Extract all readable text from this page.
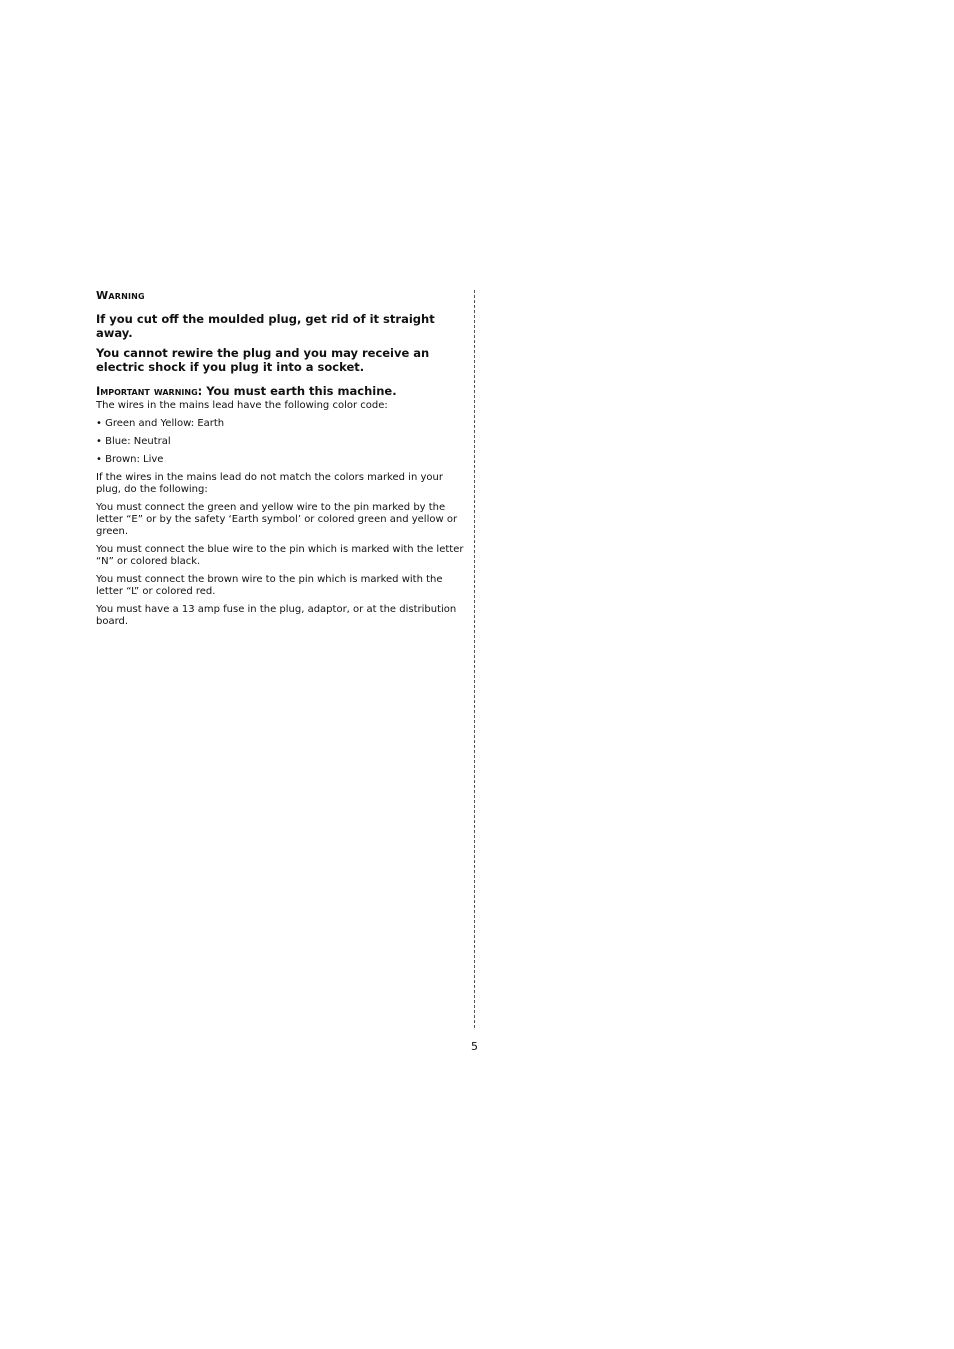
Warning

If you cut off the moulded plug, get rid of it straight away.

You cannot rewire the plug and you may receive an electric shock if you plug it into a socket.

Important warning: You must earth this machine.

The wires in the mains lead have the following color code:

• Green and Yellow: Earth

• Blue: Neutral

• Brown: Live

If the wires in the mains lead do not match the colors marked in your plug, do the following:

You must connect the green and yellow wire to the pin marked by the letter “E” or by the safety ‘Earth symbol’ or colored green and yellow or green.

You must connect the blue wire to the pin which is marked with the letter “N” or colored black.

You must connect the brown wire to the pin which is marked with the letter “L” or colored red.

You must have a 13 amp fuse in the plug, adaptor, or at the distribution board.

5
